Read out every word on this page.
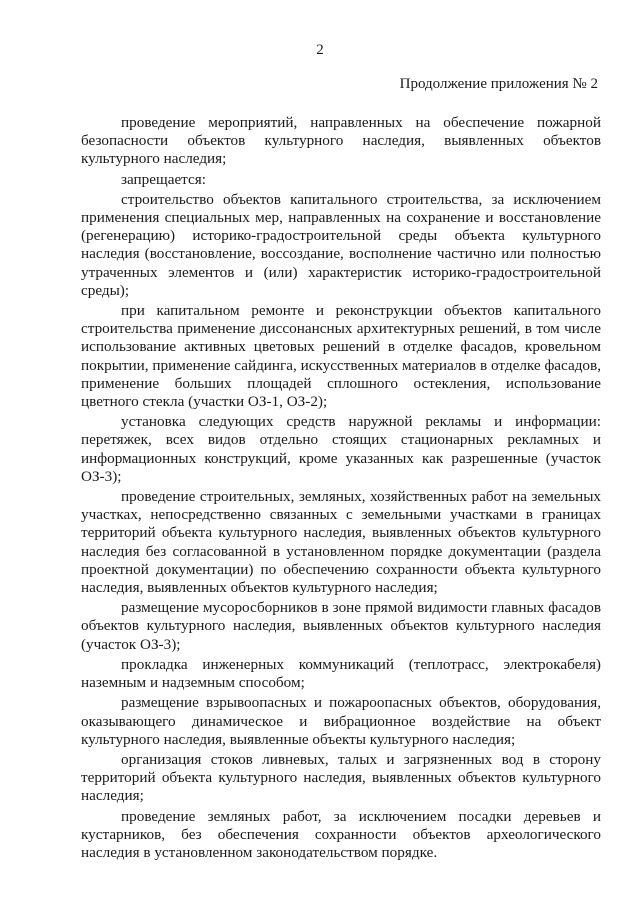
2
Продолжение приложения № 2

проведение мероприятий, направленных на обеспечение пожарной безопасности объектов культурного наследия, выявленных объектов культурного наследия;

запрещается:

строительство объектов капитального строительства, за исключением применения специальных мер, направленных на сохранение и восстановление (регенерацию) историко-градостроительной среды объекта культурного наследия (восстановление, воссоздание, восполнение частично или полностью утраченных элементов и (или) характеристик историко-градостроительной среды);

при капитальном ремонте и реконструкции объектов капитального строительства применение диссонансных архитектурных решений, в том числе использование активных цветовых решений в отделке фасадов, кровельном покрытии, применение сайдинга, искусственных материалов в отделке фасадов, применение больших площадей сплошного остекления, использование цветного стекла (участки ОЗ-1, ОЗ-2);

установка следующих средств наружной рекламы и информации: перетяжек, всех видов отдельно стоящих стационарных рекламных и информационных конструкций, кроме указанных как разрешенные (участок ОЗ-3);

проведение строительных, земляных, хозяйственных работ на земельных участках, непосредственно связанных с земельными участками в границах территорий объекта культурного наследия, выявленных объектов культурного наследия без согласованной в установленном порядке документации (раздела проектной документации) по обеспечению сохранности объекта культурного наследия, выявленных объектов культурного наследия;

размещение мусоросборников в зоне прямой видимости главных фасадов объектов культурного наследия, выявленных объектов культурного наследия (участок ОЗ-3);

прокладка инженерных коммуникаций (теплотрасс, электрокабеля) наземным и надземным способом;

размещение взрывоопасных и пожароопасных объектов, оборудования, оказывающего динамическое и вибрационное воздействие на объект культурного наследия, выявленные объекты культурного наследия;

организация стоков ливневых, талых и загрязненных вод в сторону территорий объекта культурного наследия, выявленных объектов культурного наследия;

проведение земляных работ, за исключением посадки деревьев и кустарников, без обеспечения сохранности объектов археологического наследия в установленном законодательством порядке.
